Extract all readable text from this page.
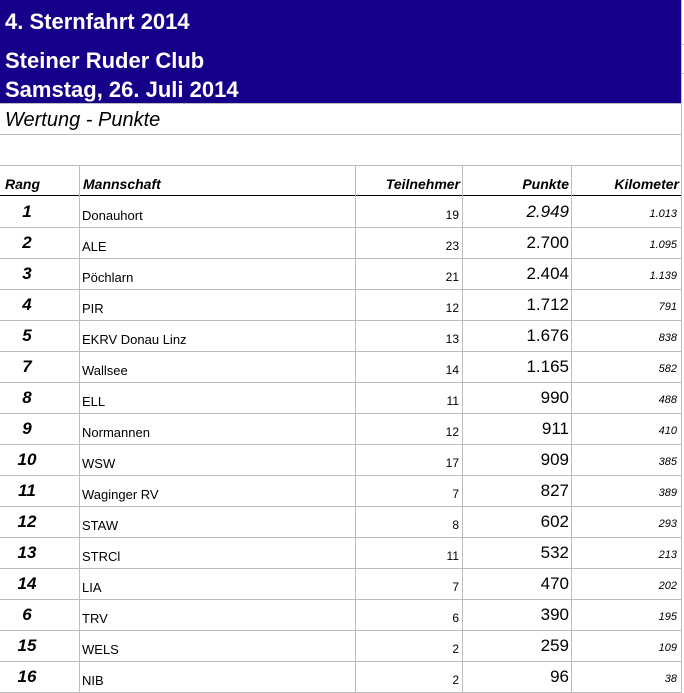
4. Sternfahrt 2014
Steiner Ruder Club
Samstag, 26. Juli 2014
Wertung - Punkte
Rang	Mannschaft	Teilnehmer	Punkte	Kilometer
1	Donauhort	19	2.949	1.013
2	ALE	23	2.700	1.095
3	Pöchlarn	21	2.404	1.139
4	PIR	12	1.712	791
5	EKRV Donau Linz	13	1.676	838
7	Wallsee	14	1.165	582
8	ELL	11	990	488
9	Normannen	12	911	410
10	WSW	17	909	385
11	Waginger RV	7	827	389
12	STAW	8	602	293
13	STRCl	11	532	213
14	LIA	7	470	202
6	TRV	6	390	195
15	WELS	2	259	109
16	NIB	2	96	38
